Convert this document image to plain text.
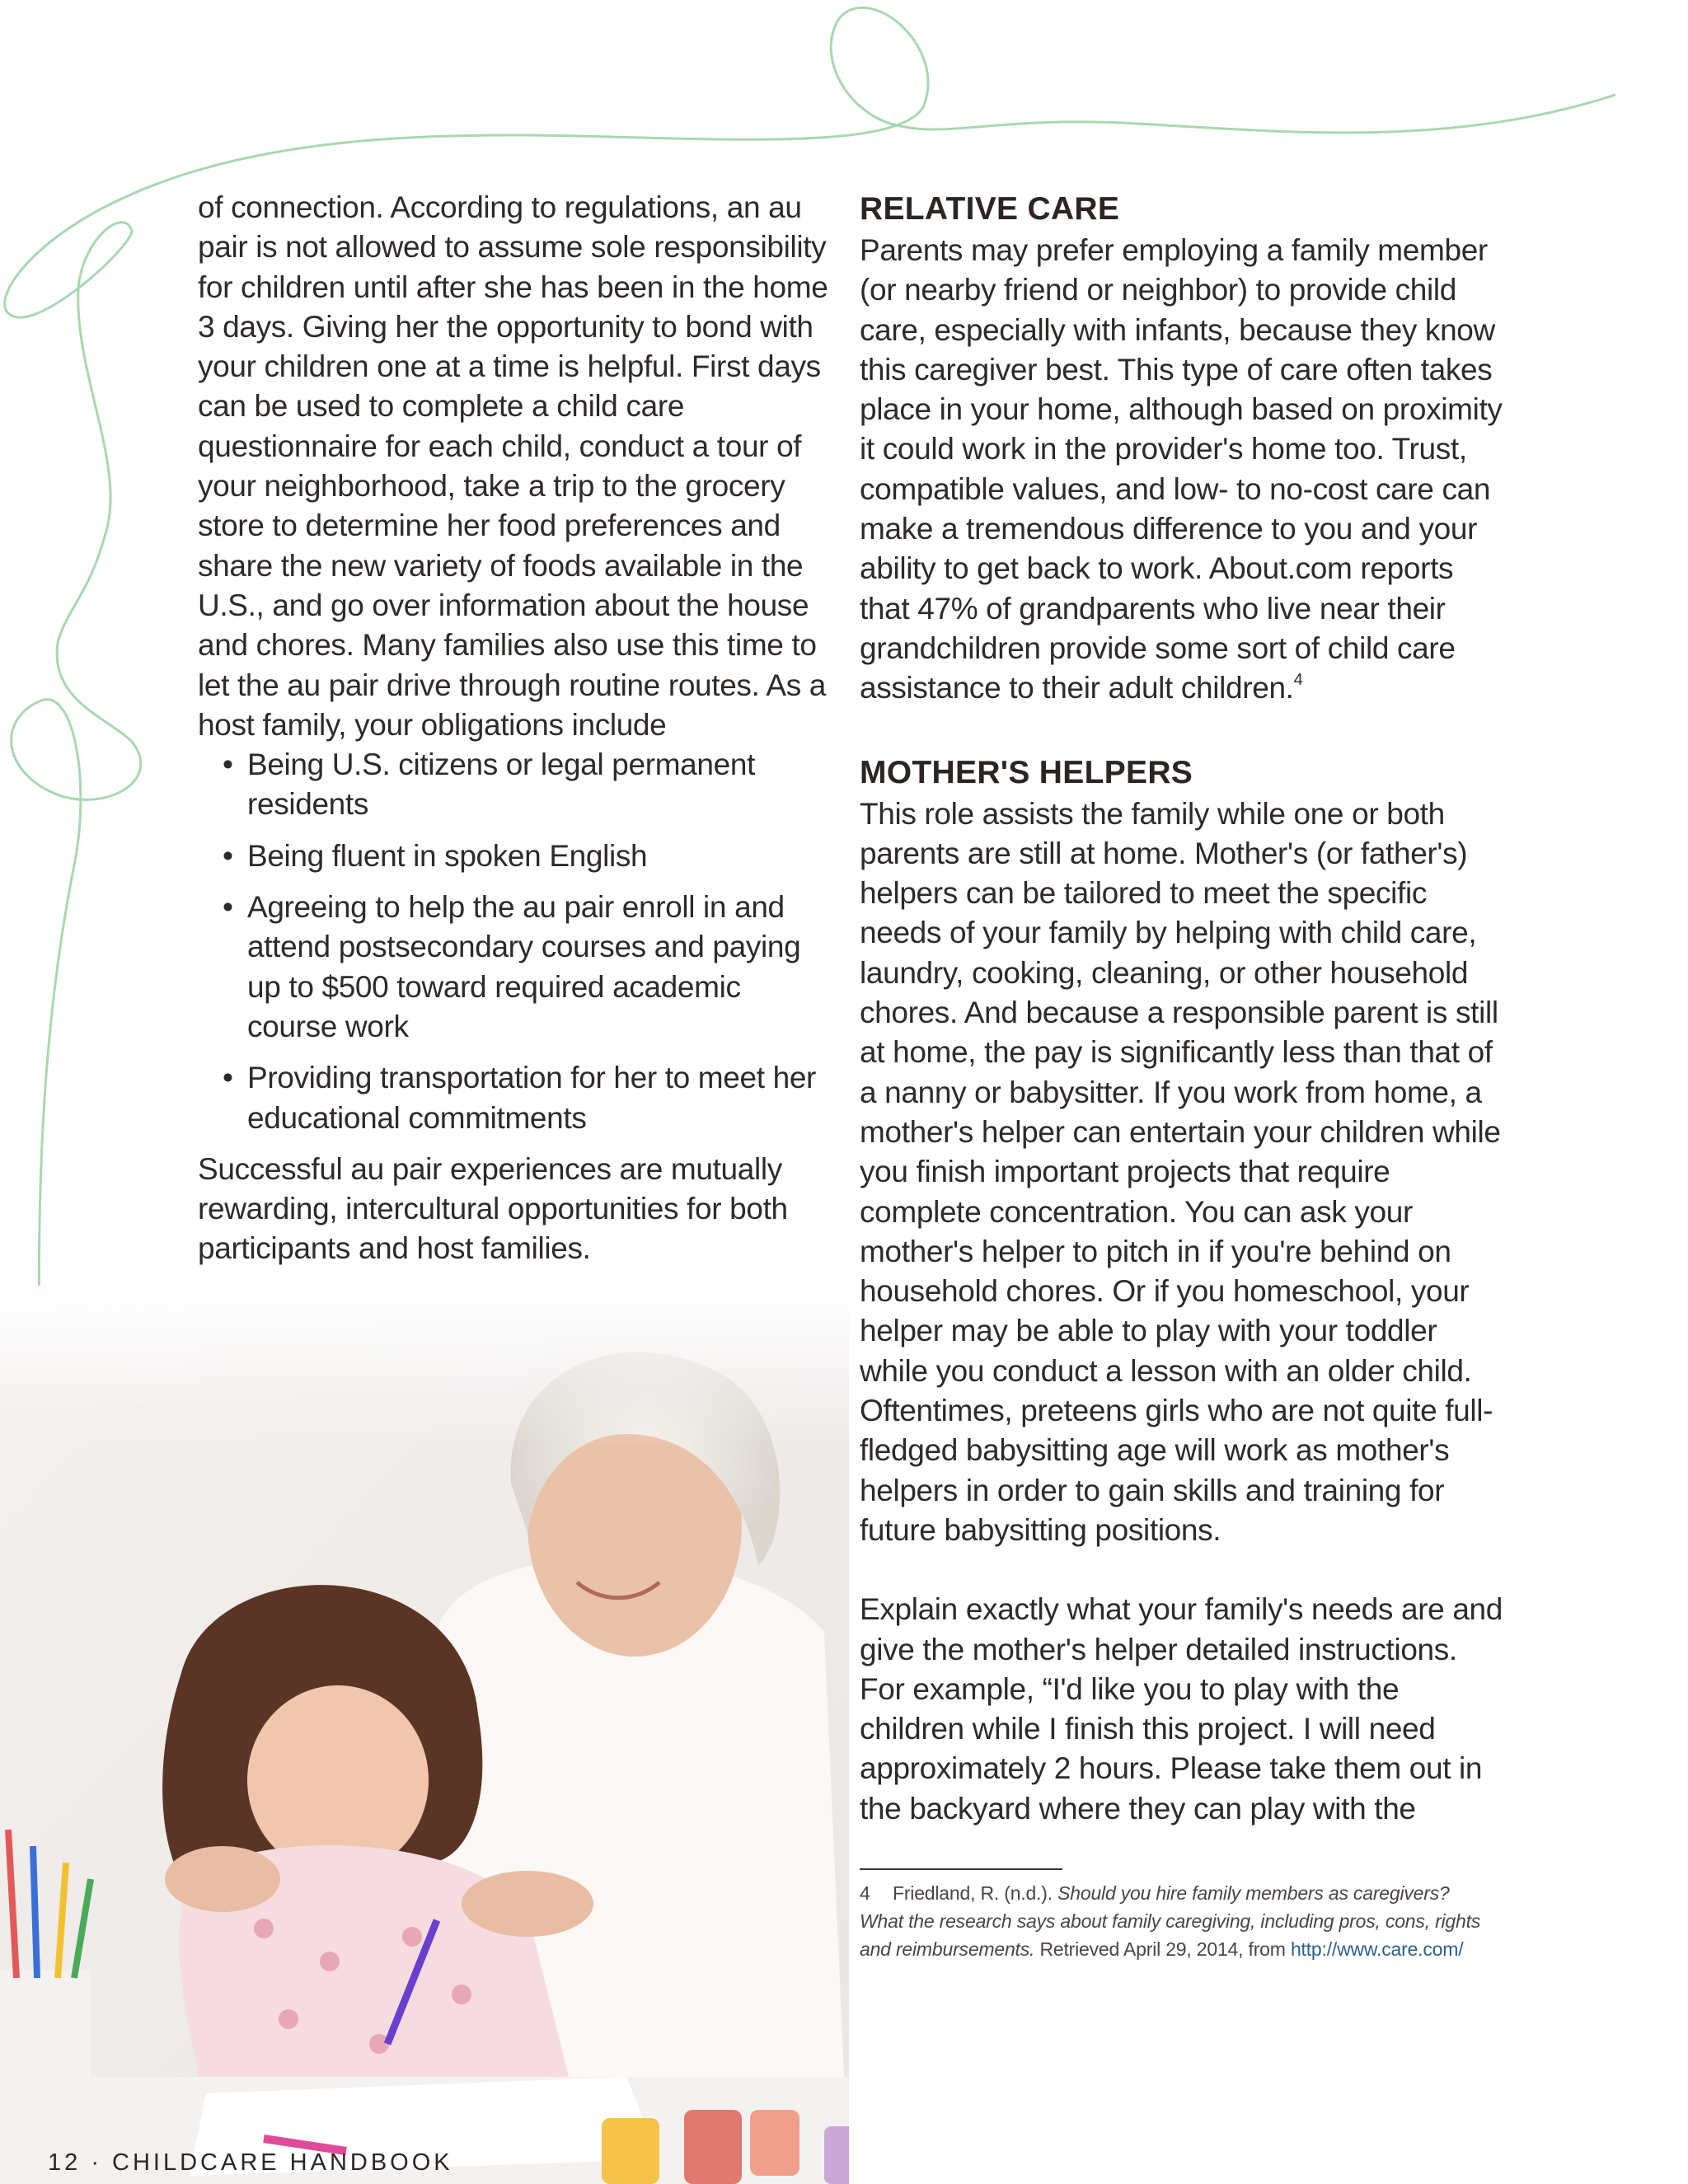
of connection. According to regulations, an au pair is not allowed to assume sole responsibility for children until after she has been in the home 3 days. Giving her the opportunity to bond with your children one at a time is helpful. First days can be used to complete a child care questionnaire for each child, conduct a tour of your neighborhood, take a trip to the grocery store to determine her food preferences and share the new variety of foods available in the U.S., and go over information about the house and chores. Many families also use this time to let the au pair drive through routine routes. As a host family, your obligations include

• Being U.S. citizens or legal permanent residents
• Being fluent in spoken English
• Agreeing to help the au pair enroll in and attend postsecondary courses and paying up to $500 toward required academic course work
• Providing transportation for her to meet her educational commitments

Successful au pair experiences are mutually rewarding, intercultural opportunities for both participants and host families.

RELATIVE CARE

Parents may prefer employing a family member (or nearby friend or neighbor) to provide child care, especially with infants, because they know this caregiver best. This type of care often takes place in your home, although based on proximity it could work in the provider's home too. Trust, compatible values, and low- to no-cost care can make a tremendous difference to you and your ability to get back to work. About.com reports that 47% of grandparents who live near their grandchildren provide some sort of child care assistance to their adult children.$^4$

MOTHER'S HELPERS

This role assists the family while one or both parents are still at home. Mother's (or father's) helpers can be tailored to meet the specific needs of your family by helping with child care, laundry, cooking, cleaning, or other household chores. And because a responsible parent is still at home, the pay is significantly less than that of a nanny or babysitter. If you work from home, a mother's helper can entertain your children while you finish important projects that require complete concentration. You can ask your mother's helper to pitch in if you're behind on household chores. Or if you homeschool, your helper may be able to play with your toddler while you conduct a lesson with an older child. Oftentimes, preteens girls who are not quite full-fledged babysitting age will work as mother's helpers in order to gain skills and training for future babysitting positions.

Explain exactly what your family's needs are and give the mother's helper detailed instructions. For example, “I'd like you to play with the children while I finish this project. I will need approximately 2 hours. Please take them out in the backyard where they can play with the

4 Friedland, R. (n.d.). Should you hire family members as caregivers? What the research says about family caregiving, including pros, cons, rights and reimbursements. Retrieved April 29, 2014, from http://www.care.com/
12 · CHILDCARE HANDBOOK
